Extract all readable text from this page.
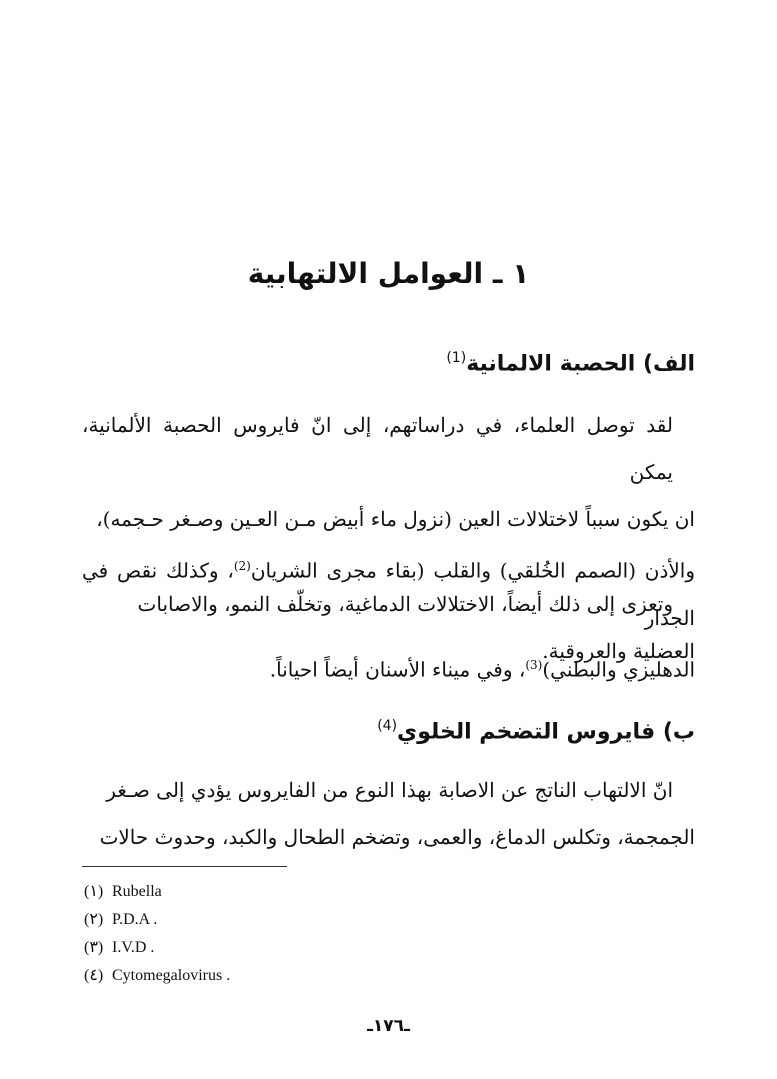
١ ـ العوامل الالتهابية
الف) الحصبة الالمانية$^{(1)}$

لقد توصل العلماء، في دراساتهم، إلى انّ فايروس الحصبة الألمانية، يمكن
ان يكون سبباً لاختلالات العين (نزول ماء أبيض مـن العـين وصـغر حـجمه)،
والأذن (الصمم الخُلقي) والقلب (بقاء مجرى الشريان$^{(2)}$، وكذلك نقص في الجدار
الدهليزي والبطني)$^{(3)}$، وفي ميناء الأسنان أيضاً احياناً.

وتعزى إلى ذلك أيضاً، الاختلالات الدماغية، وتخلّف النمو، والاصابات
العضلية والعروقية.

ب) فايروس التضخم الخلوي$^{(4)}$

انّ الالتهاب الناتج عن الاصابة بهذا النوع من الفايروس يؤدي إلى صـغر
الجمجمة، وتكلس الدماغ، والعمى، وتضخم الطحال والكبد، وحدوث حالات

(١) Rubella
(٢) P.D.A .
(٣) I.V.D .
(٤) Cytomegalovirus .
ـ١٧٦ـ
